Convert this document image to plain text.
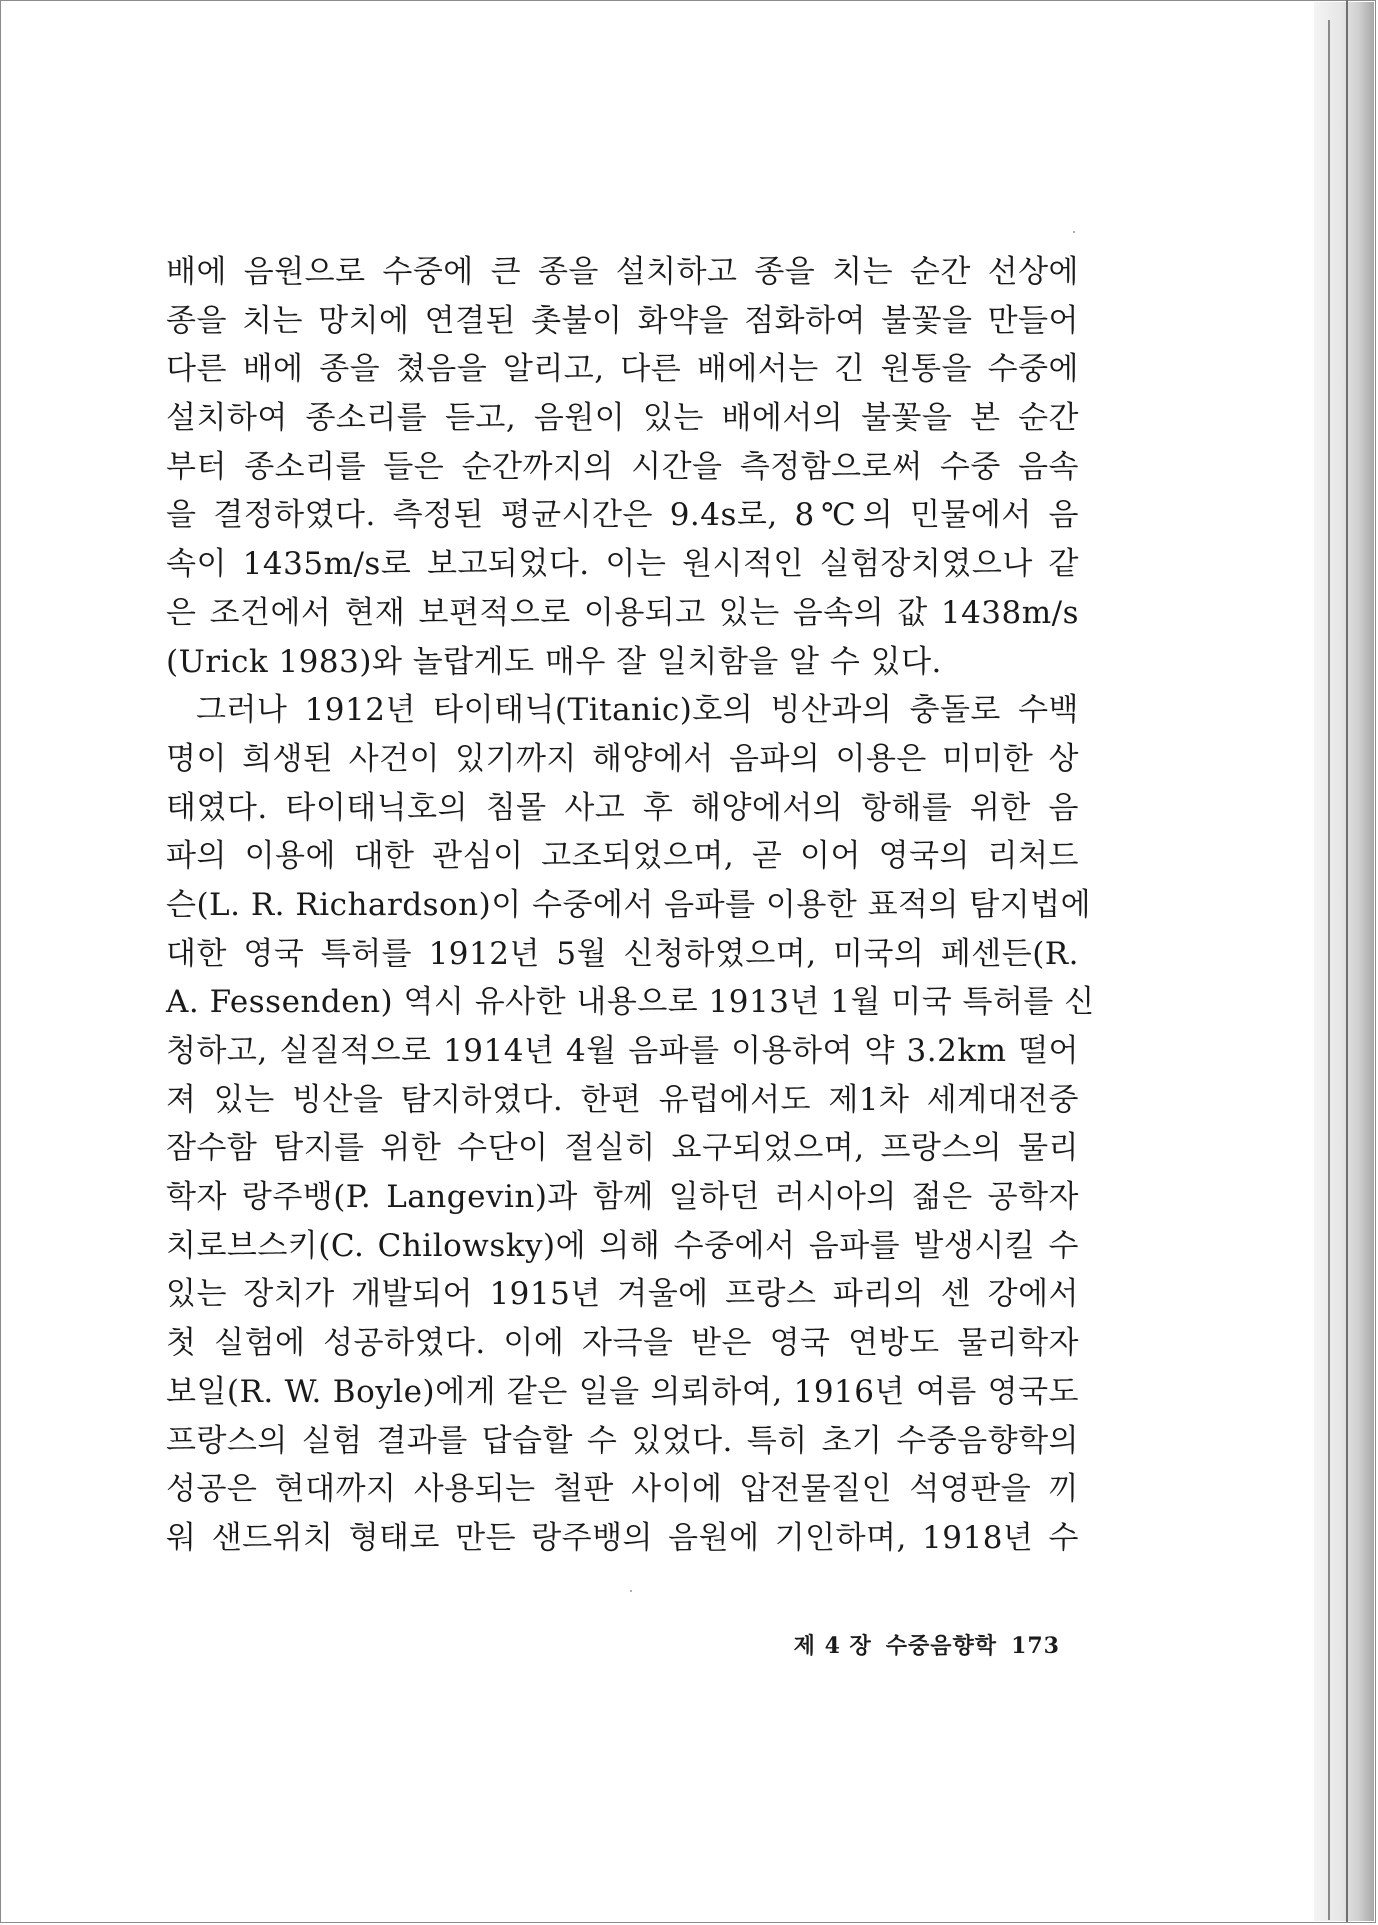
배에 음원으로 수중에 큰 종을 설치하고 종을 치는 순간 선상에
종을 치는 망치에 연결된 촛불이 화약을 점화하여 불꽃을 만들어
다른 배에 종을 쳤음을 알리고, 다른 배에서는 긴 원통을 수중에
설치하여 종소리를 듣고, 음원이 있는 배에서의 불꽃을 본 순간
부터 종소리를 들은 순간까지의 시간을 측정함으로써 수중 음속
을 결정하였다. 측정된 평균시간은 9.4s로, 8℃의 민물에서 음
속이 1435m/s로 보고되었다. 이는 원시적인 실험장치였으나 같
은 조건에서 현재 보편적으로 이용되고 있는 음속의 값 1438m/s
(Urick 1983)와 놀랍게도 매우 잘 일치함을 알 수 있다.
그러나 1912년 타이태닉(Titanic)호의 빙산과의 충돌로 수백
명이 희생된 사건이 있기까지 해양에서 음파의 이용은 미미한 상
태였다. 타이태닉호의 침몰 사고 후 해양에서의 항해를 위한 음
파의 이용에 대한 관심이 고조되었으며, 곧 이어 영국의 리처드
슨(L. R. Richardson)이 수중에서 음파를 이용한 표적의 탐지법에
대한 영국 특허를 1912년 5월 신청하였으며, 미국의 페센든(R.
A. Fessenden) 역시 유사한 내용으로 1913년 1월 미국 특허를 신
청하고, 실질적으로 1914년 4월 음파를 이용하여 약 3.2km 떨어
져 있는 빙산을 탐지하였다. 한편 유럽에서도 제1차 세계대전중
잠수함 탐지를 위한 수단이 절실히 요구되었으며, 프랑스의 물리
학자 랑주뱅(P. Langevin)과 함께 일하던 러시아의 젊은 공학자
치로브스키(C. Chilowsky)에 의해 수중에서 음파를 발생시킬 수
있는 장치가 개발되어 1915년 겨울에 프랑스 파리의 센 강에서
첫 실험에 성공하였다. 이에 자극을 받은 영국 연방도 물리학자
보일(R. W. Boyle)에게 같은 일을 의뢰하여, 1916년 여름 영국도
프랑스의 실험 결과를 답습할 수 있었다. 특히 초기 수중음향학의
성공은 현대까지 사용되는 철판 사이에 압전물질인 석영판을 끼
워 샌드위치 형태로 만든 랑주뱅의 음원에 기인하며, 1918년 수
제 4 장 수중음향학 173
